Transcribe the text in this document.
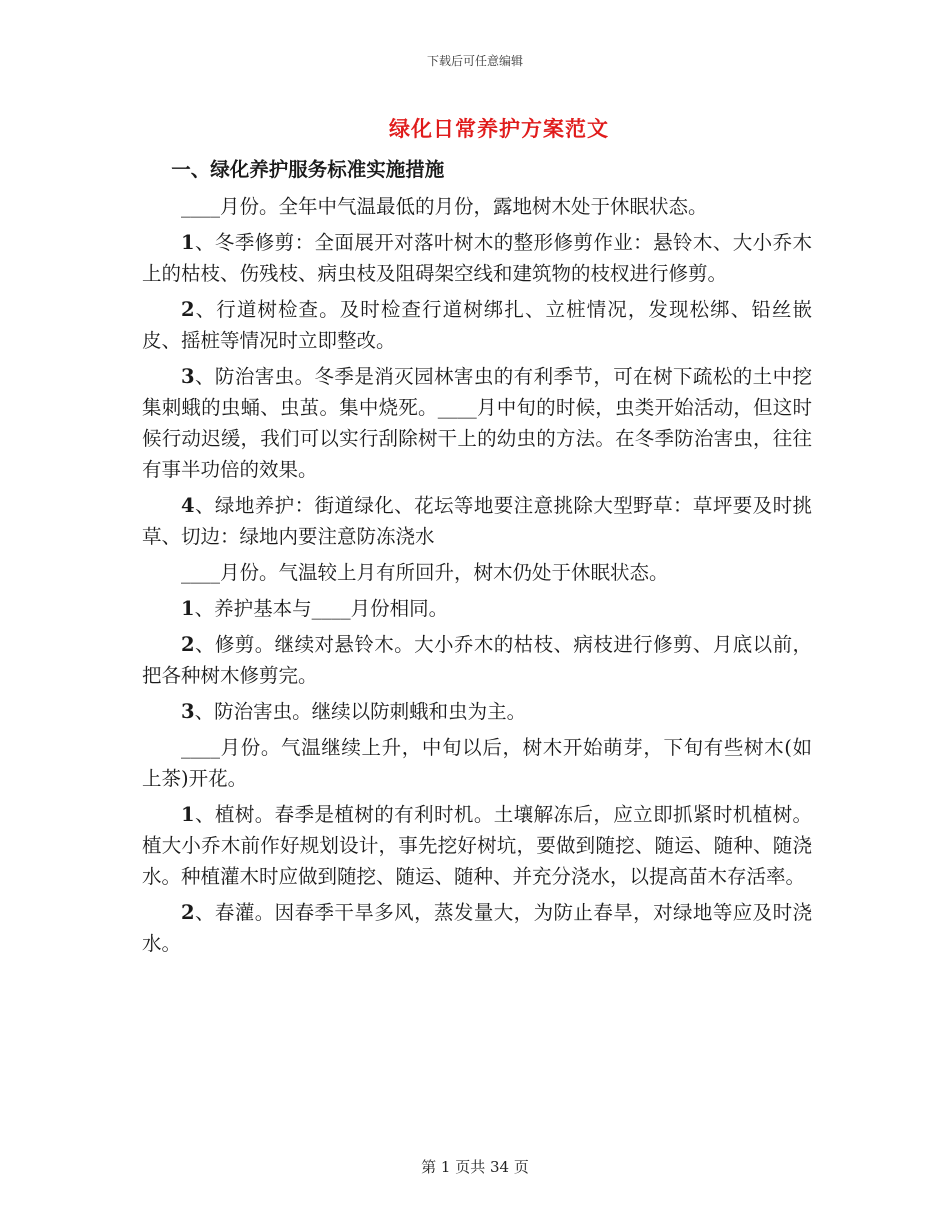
下载后可任意编辑
绿化日常养护方案范文

一、绿化养护服务标准实施措施

____月份。全年中气温最低的月份，露地树木处于休眠状态。

1、冬季修剪：全面展开对落叶树木的整形修剪作业：悬铃木、大小乔木上的枯枝、伤残枝、病虫枝及阻碍架空线和建筑物的枝杈进行修剪。

2、行道树检查。及时检查行道树绑扎、立桩情况，发现松绑、铅丝嵌皮、摇桩等情况时立即整改。

3、防治害虫。冬季是消灭园林害虫的有利季节，可在树下疏松的土中挖集刺蛾的虫蛹、虫茧。集中烧死。____月中旬的时候，虫类开始活动，但这时候行动迟缓，我们可以实行刮除树干上的幼虫的方法。在冬季防治害虫，往往有事半功倍的效果。

4、绿地养护：街道绿化、花坛等地要注意挑除大型野草：草坪要及时挑草、切边：绿地内要注意防冻浇水

____月份。气温较上月有所回升，树木仍处于休眠状态。

1、养护基本与____月份相同。

2、修剪。继续对悬铃木。大小乔木的枯枝、病枝进行修剪、月底以前，把各种树木修剪完。

3、防治害虫。继续以防刺蛾和虫为主。

____月份。气温继续上升，中旬以后，树木开始萌芽，下旬有些树木(如上茶)开花。

1、植树。春季是植树的有利时机。土壤解冻后，应立即抓紧时机植树。植大小乔木前作好规划设计，事先挖好树坑，要做到随挖、随运、随种、随浇水。种植灌木时应做到随挖、随运、随种、并充分浇水，以提高苗木存活率。

2、春灌。因春季干旱多风，蒸发量大，为防止春旱，对绿地等应及时浇水。

第 1 页共 34 页
